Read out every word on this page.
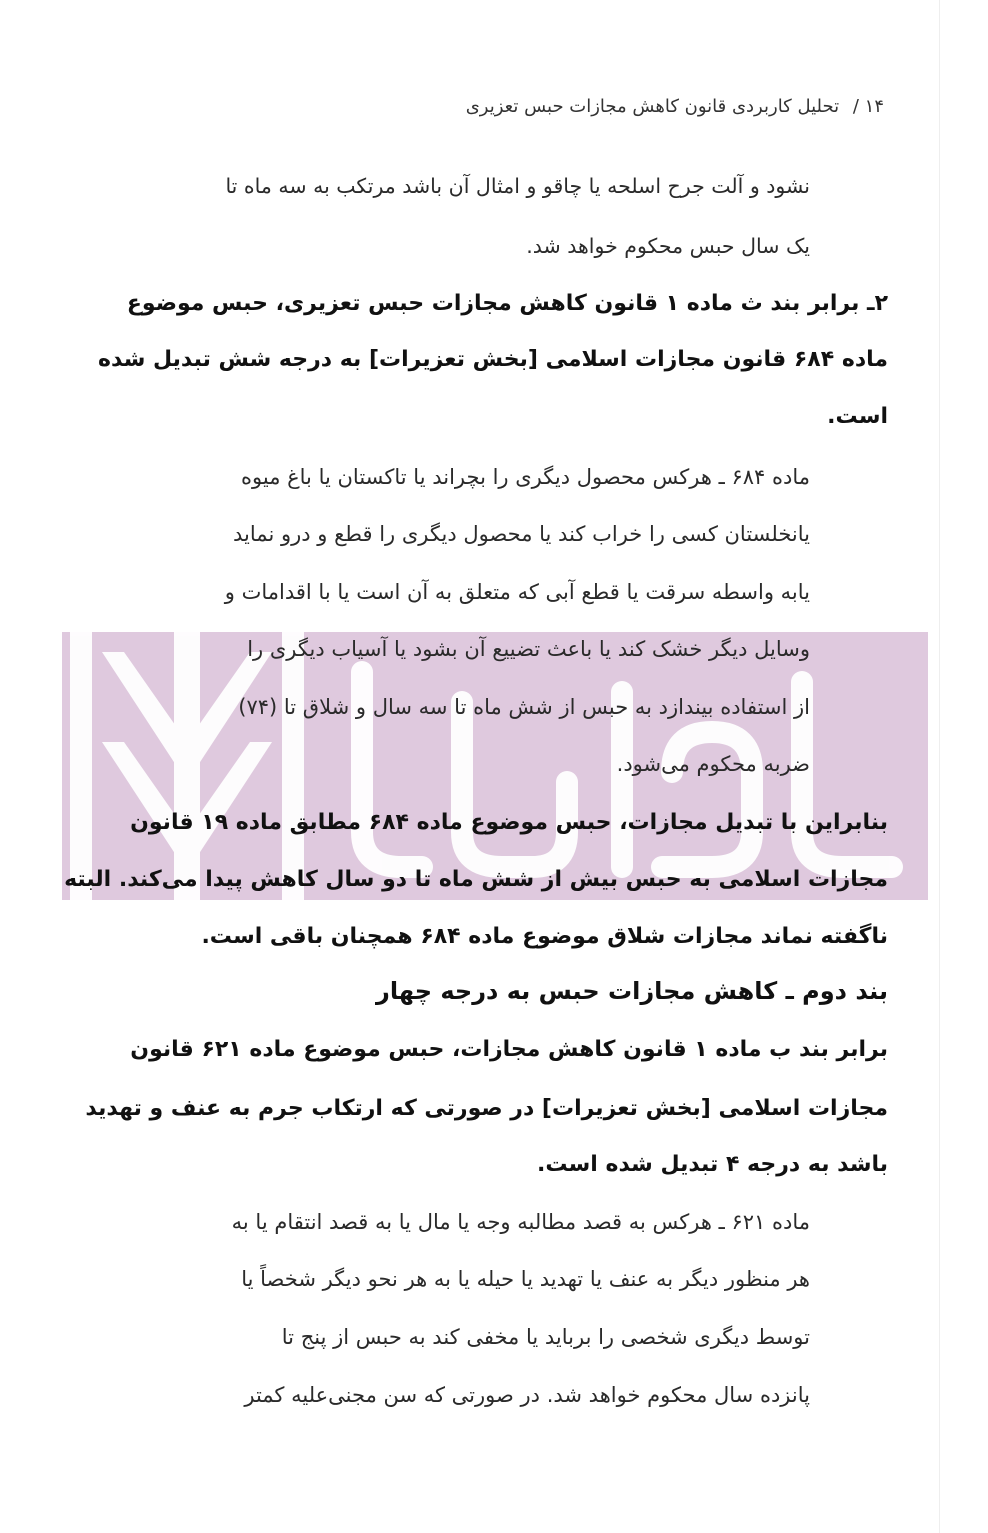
۱۴ / تحلیل کاربردی قانون کاهش مجازات حبس تعزیری
نشود و آلت جرح اسلحه یا چاقو و امثال آن باشد مرتکب به سه ماه تا
یک سال حبس محکوم خواهد شد.
۲ـ برابر بند ث ماده ۱ قانون کاهش مجازات حبس تعزیری، حبس موضوع
ماده ۶۸۴ قانون مجازات اسلامی [بخش تعزیرات] به درجه شش تبدیل شده
است.
ماده ۶۸۴ ـ هرکس محصول دیگری را بچراند یا تاکستان یا باغ میوه
یانخلستان کسی را خراب کند یا محصول دیگری را قطع و درو نماید
یابه واسطه سرقت یا قطع آبی که متعلق به آن است یا با اقدامات و
وسایل دیگر خشک کند یا باعث تضییع آن بشود یا آسیاب دیگری را
از استفاده بیندازد به حبس از شش ماه تا سه سال و شلاق تا (۷۴)
ضربه محکوم می‌شود.
بنابراین با تبدیل مجازات، حبس موضوع ماده ۶۸۴ مطابق ماده ۱۹ قانون
مجازات اسلامی به حبس بیش از شش ماه تا دو سال کاهش پیدا می‌کند. البته
ناگفته نماند مجازات شلاق موضوع ماده ۶۸۴ همچنان باقی است.
بند دوم ـ کاهش مجازات حبس به درجه چهار
برابر بند ب ماده ۱ قانون کاهش مجازات، حبس موضوع ماده ۶۲۱ قانون
مجازات اسلامی [بخش تعزیرات] در صورتی که ارتکاب جرم به عنف و تهدید
باشد به درجه ۴ تبدیل شده است.
ماده ۶۲۱ ـ هرکس به قصد مطالبه وجه یا مال یا به قصد انتقام یا به
هر منظور دیگر به عنف یا تهدید یا حیله یا به هر نحو دیگر شخصاً یا
توسط دیگری شخصی را برباید یا مخفی کند به حبس از پنج تا
پانزده سال محکوم خواهد شد. در صورتی که سن مجنی‌علیه کمتر
